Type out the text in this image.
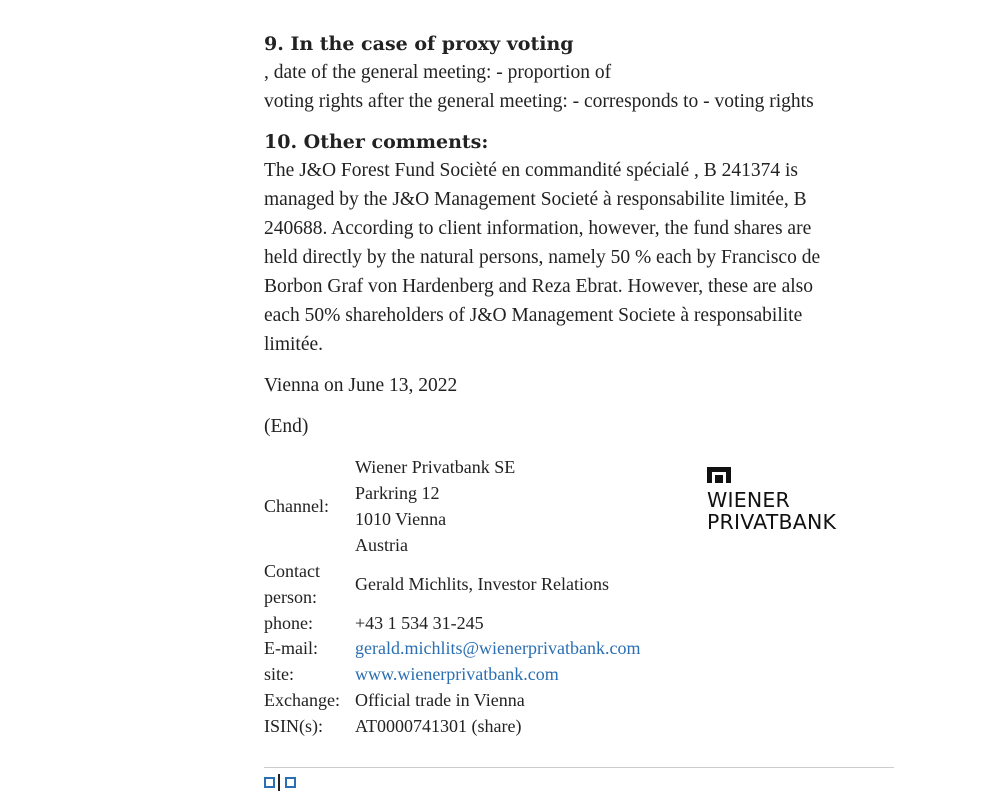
9. In the case of proxy voting

, date of the general meeting: - proportion of
voting rights after the general meeting: - corresponds to - voting rights

10. Other comments:

The J&O Forest Fund Socièté en commandité spécialé , B 241374 is
managed by the J&O Management Societé à responsabilite limitée, B
240688. According to client information, however, the fund shares are
held directly by the natural persons, namely 50 % each by Francisco de
Borbon Graf von Hardenberg and Reza Ebrat. However, these are also
each 50% shareholders of J&O Management Societe à responsabilite
limitée.

Vienna on June 13, 2022

(End)

Channel:
Wiener Privatbank SE
Parkring 12
1010 Vienna
Austria
Contact
person:
Gerald Michlits, Investor Relations
phone:	+43 1 534 31-245
E-mail:	gerald.michlits@wienerprivatbank.com
site:	www.wienerprivatbank.com
Exchange: Official trade in Vienna
ISIN(s):	AT0000741301 (share)
WIENER
PRIVATBANK
